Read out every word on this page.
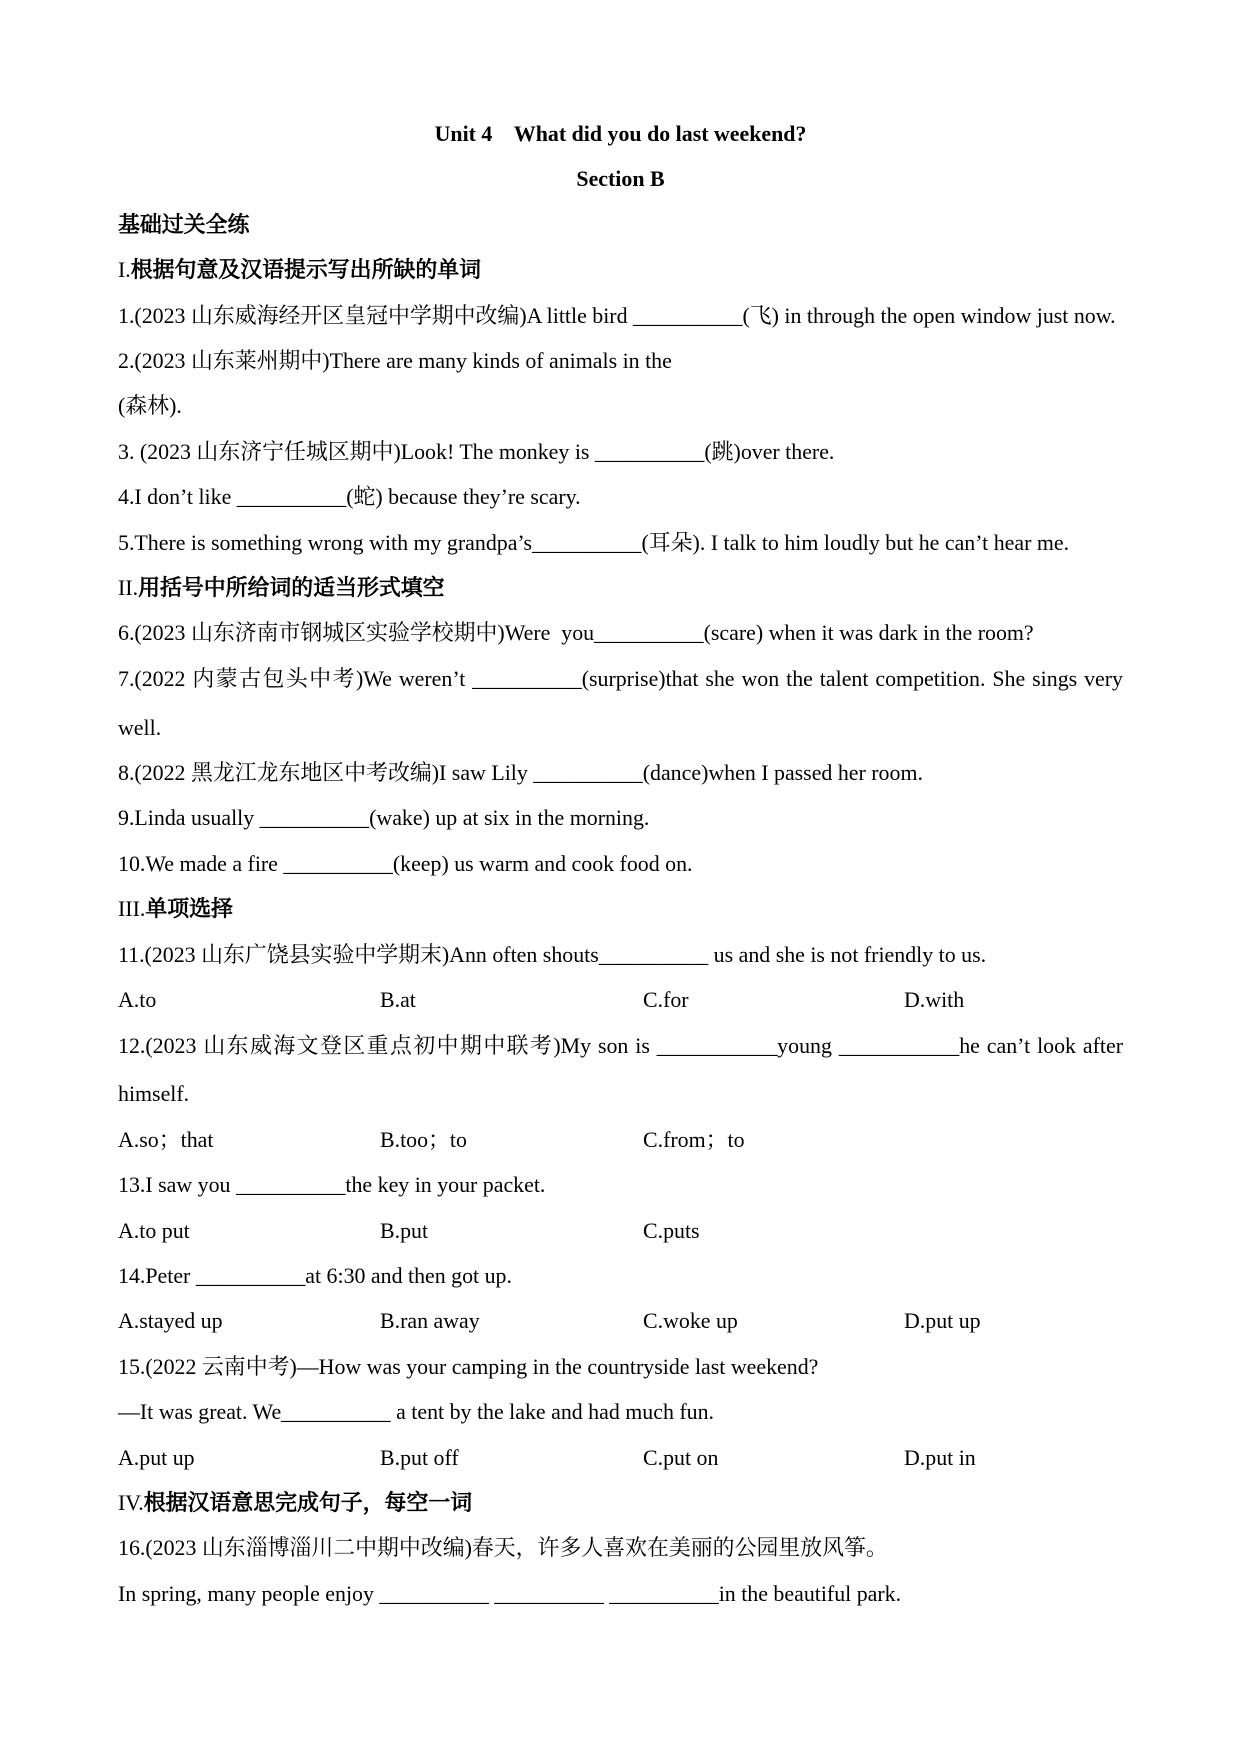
Unit 4    What did you do last weekend?
Section B
基础过关全练
I.根据句意及汉语提示写出所缺的单词
1.(2023 山东威海经开区皇冠中学期中改编)A little bird __________(飞) in through the open window just now.
2.(2023 山东莱州期中)There are many kinds of animals in the
(森林).
3. (2023 山东济宁任城区期中)Look! The monkey is __________(跳)over there.
4.I don’t like __________(蛇) because they’re scary.
5.There is something wrong with my grandpa’s__________(耳朵). I talk to him loudly but he can’t hear me.
II.用括号中所给词的适当形式填空
6.(2023 山东济南市钢城区实验学校期中)Were  you__________(scare) when it was dark in the room?
7.(2022 内蒙古包头中考)We weren’t __________(surprise)that she won the talent competition. She sings very
well.
8.(2022 黑龙江龙东地区中考改编)I saw Lily __________(dance)when I passed her room.
9.Linda usually __________(wake) up at six in the morning.
10.We made a fire __________(keep) us warm and cook food on.
III.单项选择
11.(2023 山东广饶县实验中学期末)Ann often shouts__________ us and she is not friendly to us.
A.to	B.at	C.for	D.with
12.(2023 山东威海文登区重点初中期中联考)My son is ___________young ___________he can’t look after
himself.
A.so；that	B.too；to	C.from；to
13.I saw you __________the key in your packet.
A.to put	B.put	C.puts
14.Peter __________at 6:30 and then got up.
A.stayed up	B.ran away	C.woke up	D.put up
15.(2022 云南中考)—How was your camping in the countryside last weekend?
—It was great. We__________ a tent by the lake and had much fun.
A.put up	B.put off	C.put on	D.put in
IV.根据汉语意思完成句子，每空一词
16.(2023 山东淄博淄川二中期中改编)春天，许多人喜欢在美丽的公园里放风筝。
In spring, many people enjoy __________ __________ __________in the beautiful park.
